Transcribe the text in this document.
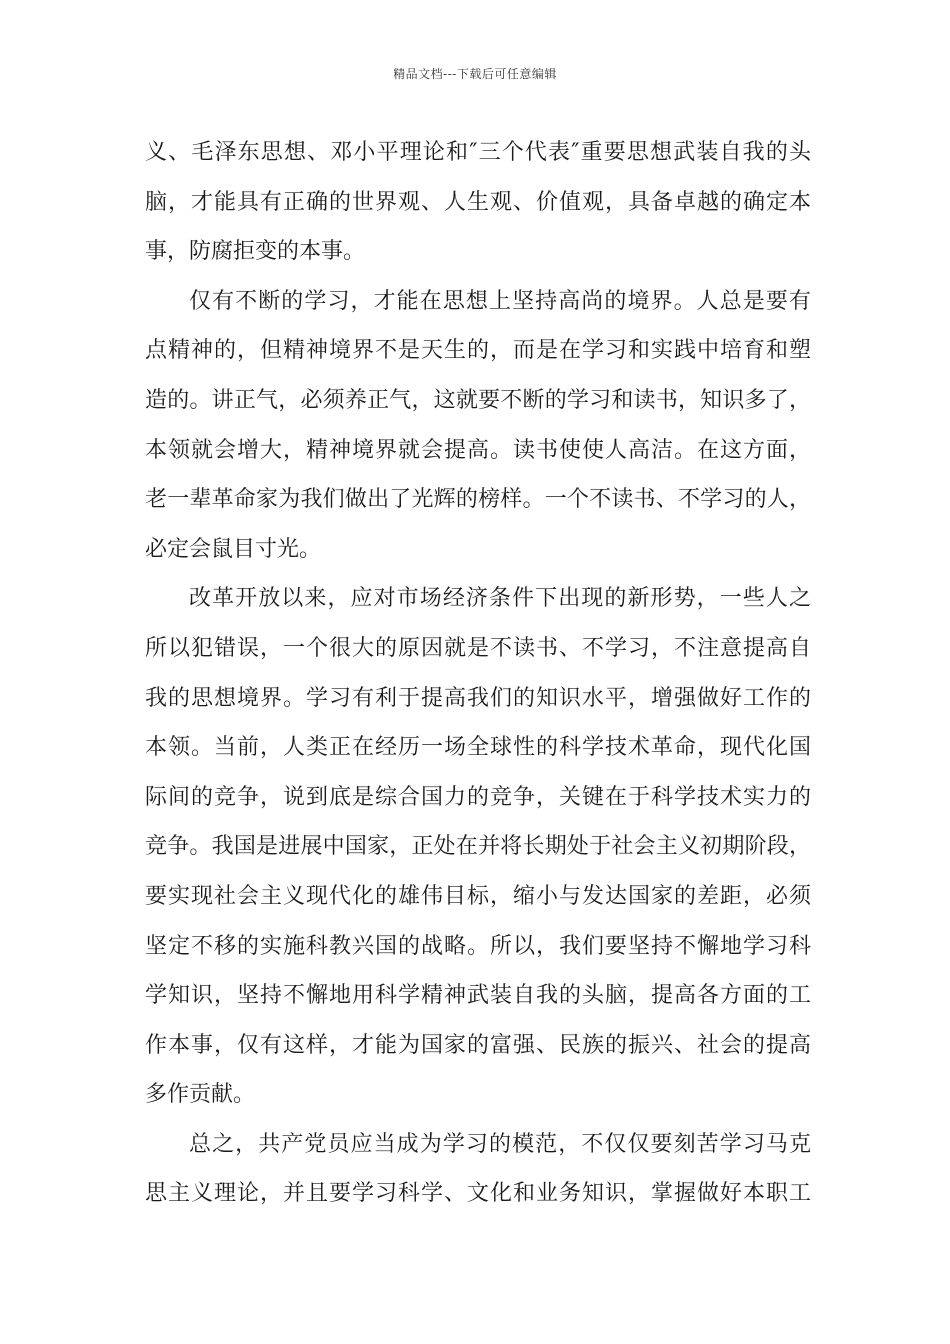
精品文档---下载后可任意编辑
义、毛泽东思想、邓小平理论和″三个代表″重要思想武装自我的头
脑，才能具有正确的世界观、人生观、价值观，具备卓越的确定本
事，防腐拒变的本事。
仅有不断的学习，才能在思想上坚持高尚的境界。人总是要有
点精神的，但精神境界不是天生的，而是在学习和实践中培育和塑
造的。讲正气，必须养正气，这就要不断的学习和读书，知识多了，
本领就会增大，精神境界就会提高。读书使使人高洁。在这方面，
老一辈革命家为我们做出了光辉的榜样。一个不读书、不学习的人，
必定会鼠目寸光。
改革开放以来，应对市场经济条件下出现的新形势，一些人之
所以犯错误，一个很大的原因就是不读书、不学习，不注意提高自
我的思想境界。学习有利于提高我们的知识水平，增强做好工作的
本领。当前，人类正在经历一场全球性的科学技术革命，现代化国
际间的竞争，说到底是综合国力的竞争，关键在于科学技术实力的
竞争。我国是进展中国家，正处在并将长期处于社会主义初期阶段，
要实现社会主义现代化的雄伟目标，缩小与发达国家的差距，必须
坚定不移的实施科教兴国的战略。所以，我们要坚持不懈地学习科
学知识，坚持不懈地用科学精神武装自我的头脑，提高各方面的工
作本事，仅有这样，才能为国家的富强、民族的振兴、社会的提高
多作贡献。
总之，共产党员应当成为学习的模范，不仅仅要刻苦学习马克
思主义理论，并且要学习科学、文化和业务知识，掌握做好本职工
